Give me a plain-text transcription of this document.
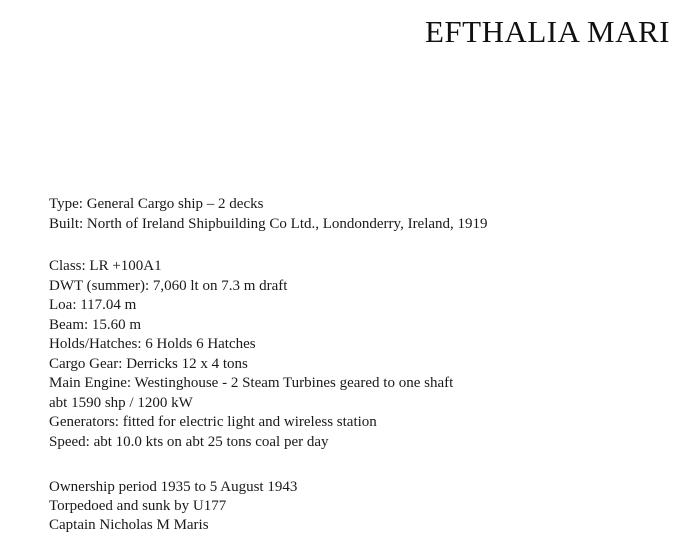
EFTHALIA MARI
Type: General Cargo ship – 2 decks
Built: North of Ireland Shipbuilding Co Ltd., Londonderry, Ireland, 1919
Class: LR +100A1
DWT (summer): 7,060 lt on 7.3 m draft
Loa: 117.04 m
Beam: 15.60 m
Holds/Hatches: 6 Holds 6 Hatches
Cargo Gear: Derricks 12 x 4 tons
Main Engine: Westinghouse - 2 Steam Turbines geared to one shaft
abt 1590 shp / 1200 kW
Generators: fitted for electric light and wireless station
Speed: abt 10.0 kts on abt 25 tons coal per day
Ownership period 1935 to 5 August 1943
Torpedoed and sunk by U177
Captain Nicholas M Maris
